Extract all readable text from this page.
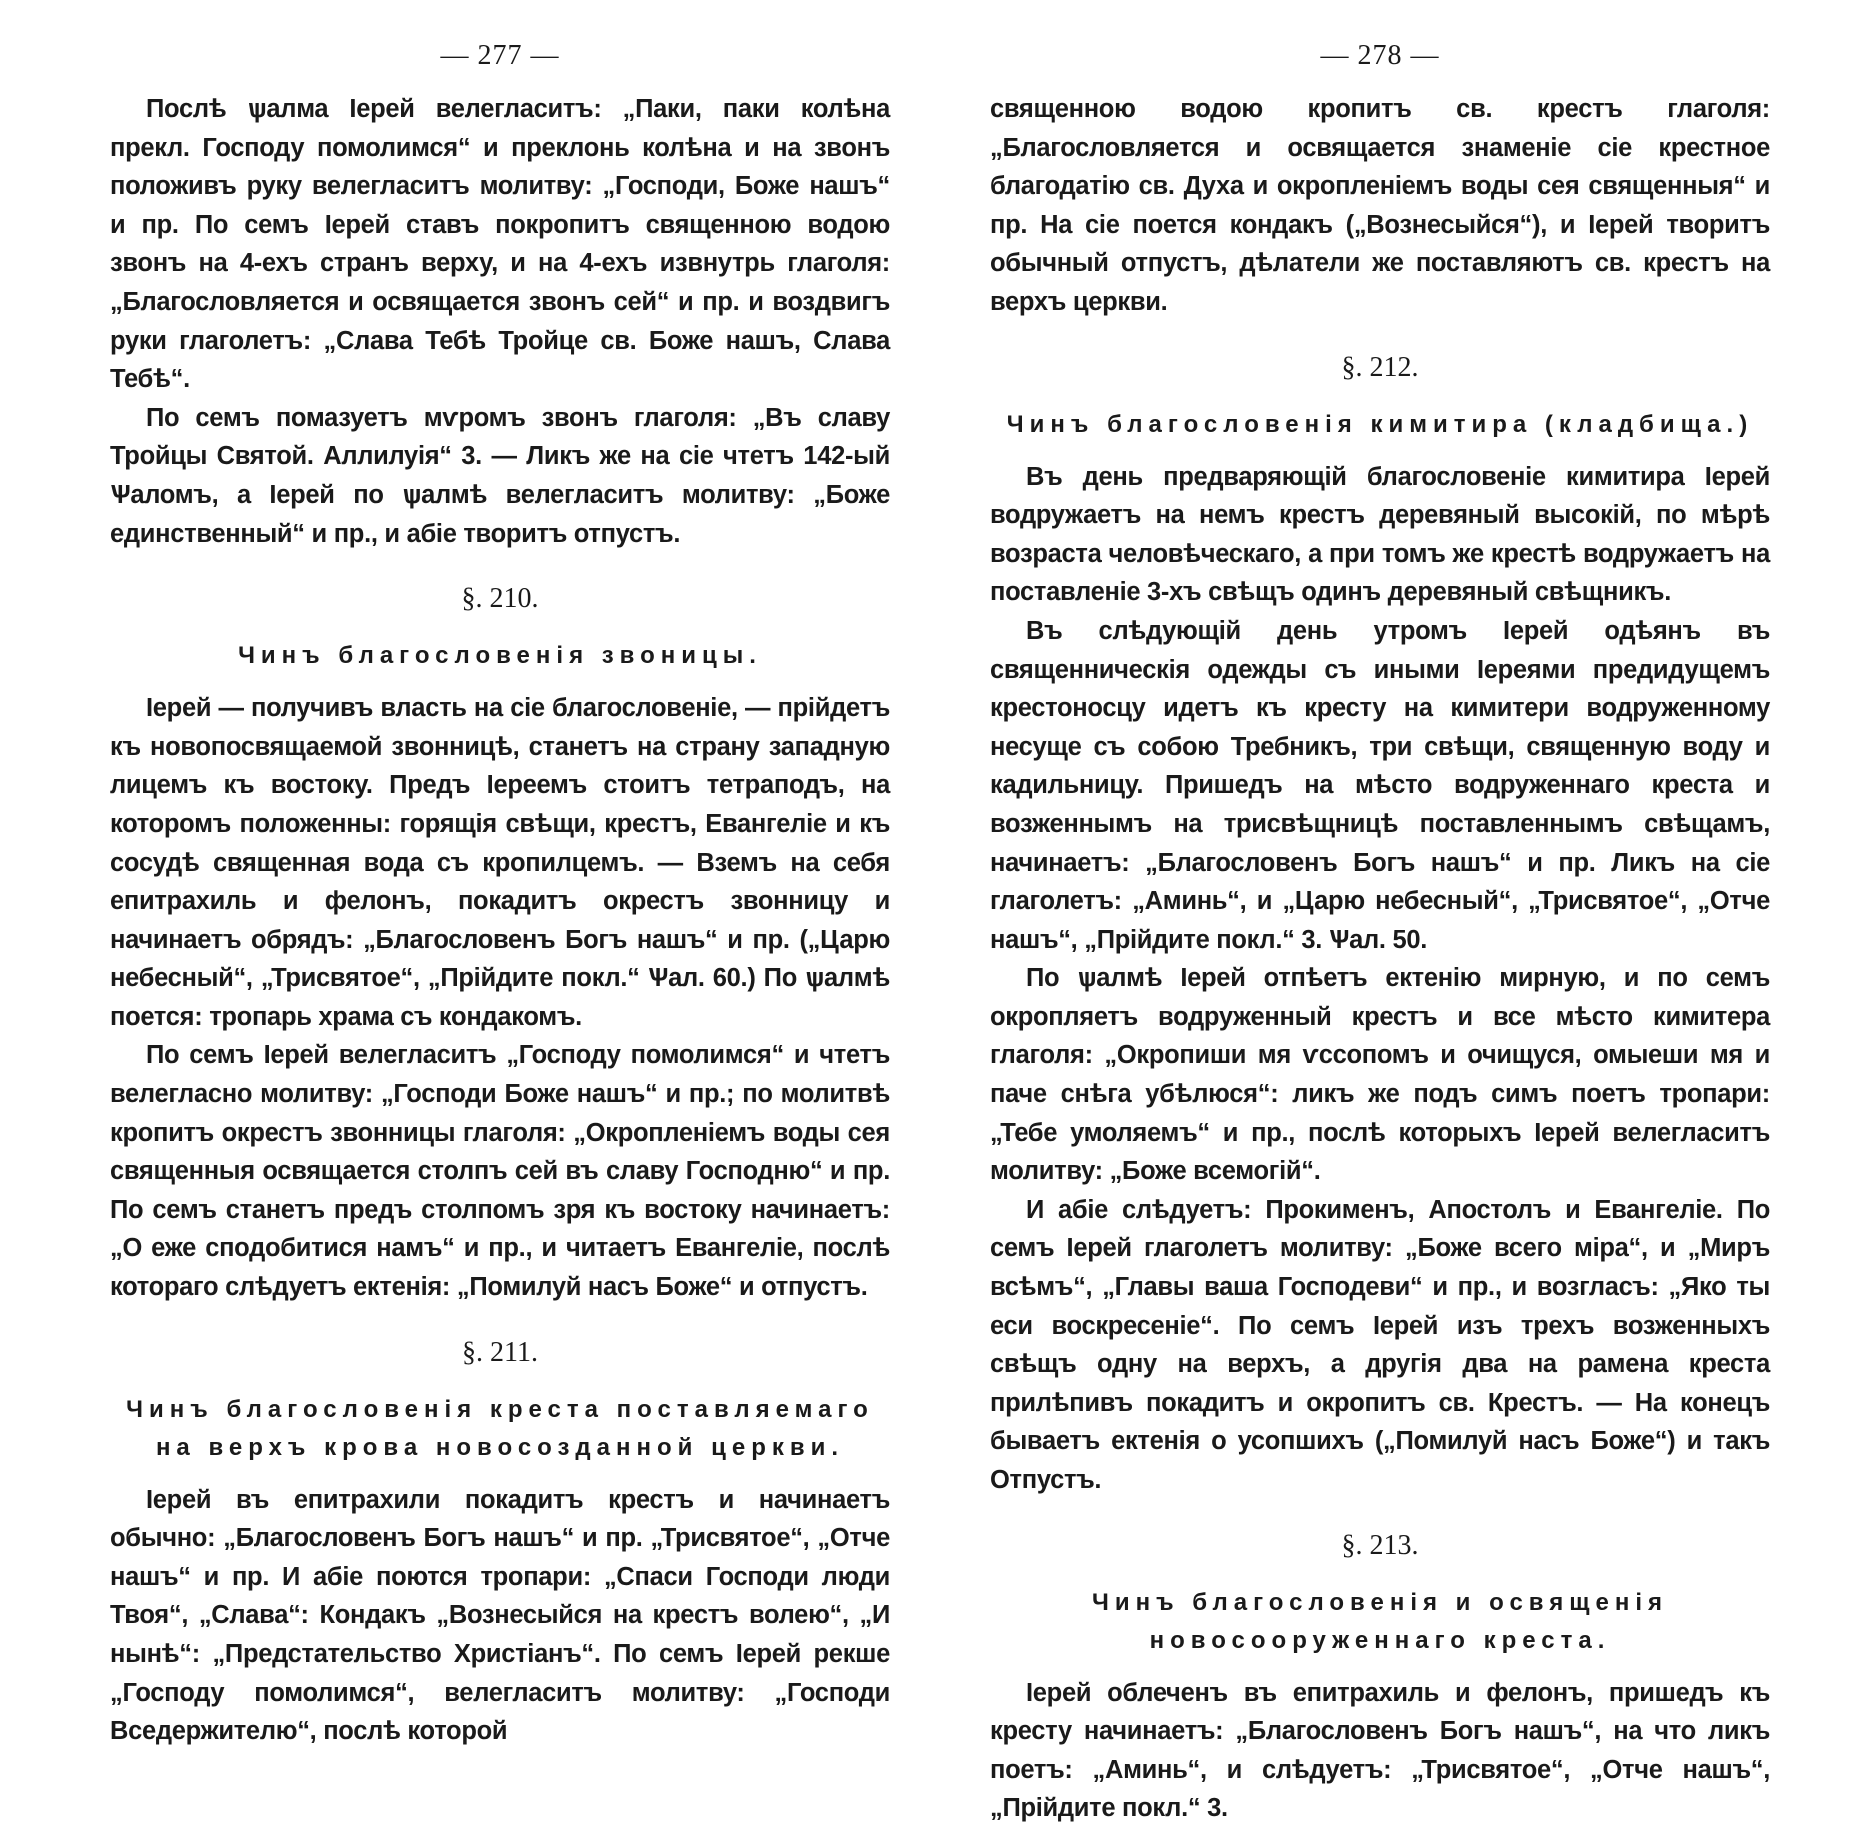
— 277 —

Послѣ ѱалма Іерей велегласитъ: „Паки, паки колѣна прекл. Господу помолимся“ и преклонь колѣна и на звонъ положивъ руку велегласитъ молитву: „Господи, Боже нашъ“ и пр. По семъ Іерей ставъ покропитъ священною водою звонъ на 4-ехъ странъ верху, и на 4-ехъ извнутрь глаголя: „Благословляется и освящается звонъ сей“ и пр. и воздвигъ руки глаголетъ: „Слава Тебѣ Тройце св. Боже нашъ, Слава Тебѣ“.

По семъ помазуетъ мѵромъ звонъ глаголя: „Въ славу Тройцы Святой. Аллилуія“ 3. — Ликъ же на сіе чтетъ 142-ый Ѱаломъ, а Іерей по ѱалмѣ велегласитъ молитву: „Боже единственный“ и пр., и абіе творитъ отпустъ.

§. 210.
Чинъ благословенія звоницы.

Іерей — получивъ власть на сіе благословеніе, — прійдетъ къ новопосвящаемой звонницѣ, станетъ на страну западную лицемъ къ востоку. Предъ Іереемъ стоитъ тетраподъ, на которомъ положенны: горящія свѣщи, крестъ, Евангеліе и къ сосудѣ священная вода съ кропилцемъ. — Вземъ на себя епитрахиль и фелонъ, покадитъ окрестъ звонницу и начинаетъ обрядъ: „Благословенъ Богъ нашъ“ и пр. („Царю небесный“, „Трисвятое“, „Прійдите покл.“ Ѱал. 60.) По ѱалмѣ поется: тропарь храма съ кондакомъ.

По семъ Іерей велегласитъ „Господу помолимся“ и чтетъ велегласно молитву: „Господи Боже нашъ“ и пр.; по молитвѣ кропитъ окрестъ звонницы глаголя: „Окропленіемъ воды сея священныя освящается столпъ сей въ славу Господню“ и пр. По семъ станетъ предъ столпомъ зря къ востоку начинаетъ: „О еже сподобитися намъ“ и пр., и читаетъ Евангеліе, послѣ котораго слѣдуетъ ектенія: „Помилуй насъ Боже“ и отпустъ.

§. 211.
Чинъ благословенія креста поставляемаго на верхъ крова новосозданной церкви.

Іерей въ епитрахили покадитъ крестъ и начинаетъ обычно: „Благословенъ Богъ нашъ“ и пр. „Трисвятое“, „Отче нашъ“ и пр. И абіе поются тропари: „Спаси Господи люди Твоя“, „Слава“: Кондакъ „Вознесыйся на крестъ волею“, „И нынѣ“: „Предстательство Христіанъ“. По семъ Іерей рекше „Господу помолимся“, велегласитъ молитву: „Господи Вседержителю“, послѣ которой

— 278 —

священною водою кропитъ св. крестъ глаголя: „Благословляется и освящается знаменіе сіе крестное благодатію св. Духа и окропленіемъ воды сея священныя“ и пр. На сіе поется кондакъ („Вознесыйся“), и Іерей творитъ обычный отпустъ, дѣлатели же поставляютъ св. крестъ на верхъ церкви.

§. 212.
Чинъ благословенія кимитира (кладбища.)

Въ день предваряющій благословеніе кимитира Іерей водружаетъ на немъ крестъ деревяный высокій, по мѣрѣ возраста человѣческаго, а при томъ же крестѣ водружаетъ на поставленіе 3-хъ свѣщъ одинъ деревяный свѣщникъ.

Въ слѣдующій день утромъ Іерей одѣянъ въ священническія одежды съ иными Іереями предидущемъ крестоносцу идетъ къ кресту на кимитери водруженному несуще съ собою Требникъ, три свѣщи, священную воду и кадильницу. Пришедъ на мѣсто водруженнаго креста и возженнымъ на трисвѣщницѣ поставленнымъ свѣщамъ, начинаетъ: „Благословенъ Богъ нашъ“ и пр. Ликъ на сіе глаголетъ: „Аминь“, и „Царю небесный“, „Трисвятое“, „Отче нашъ“, „Прійдите покл.“ 3. Ѱал. 50.

По ѱалмѣ Іерей отпѣетъ ектенію мирную, и по семъ окропляетъ водруженный крестъ и все мѣсто кимитера глаголя: „Окропиши мя ѵссопомъ и очищуся, омыеши мя и паче снѣга убѣлюся“: ликъ же подъ симъ поетъ тропари: „Тебе умоляемъ“ и пр., послѣ которыхъ Іерей велегласитъ молитву: „Боже всемогій“.

И абіе слѣдуетъ: Прокименъ, Апостолъ и Евангеліе. По семъ Іерей глаголетъ молитву: „Боже всего міра“, и „Миръ всѣмъ“, „Главы ваша Господеви“ и пр., и возгласъ: „Яко ты еси воскресеніе“. По семъ Іерей изъ трехъ возженныхъ свѣщъ одну на верхъ, а другія два на рамена креста прилѣпивъ покадитъ и окропитъ св. Крестъ. — На конецъ бываетъ ектенія о усопшихъ („Помилуй насъ Боже“) и такъ Отпустъ.

§. 213.
Чинъ благословенія и освященія новосооруженнаго креста.

Іерей облеченъ въ епитрахиль и фелонъ, пришедъ къ кресту начинаетъ: „Благословенъ Богъ нашъ“, на что ликъ поетъ: „Аминь“, и слѣдуетъ: „Трисвятое“, „Отче нашъ“, „Прійдите покл.“ 3.
